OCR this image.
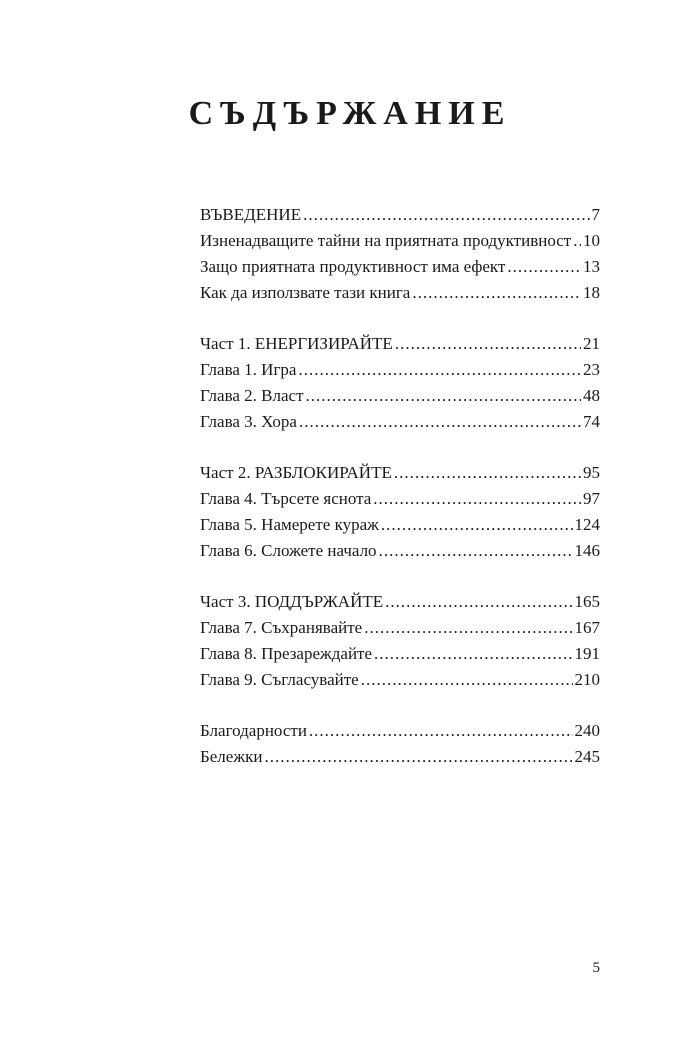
СЪДЪРЖАНИЕ
ВЪВЕДЕНИЕ .....	7
Изненадващите тайни на приятната продуктивност ..... 10
Защо приятната продуктивност има ефект .....	13
Как да използвате тази книга .....	18
Част 1. ЕНЕРГИЗИРАЙТЕ .....	21
Глава 1. Игра .....	23
Глава 2. Власт .....	48
Глава 3. Хора .....	74
Част 2. РАЗБЛОКИРАЙТЕ .....	95
Глава 4. Търсете яснота .....	97
Глава 5. Намерете кураж .....	124
Глава 6. Сложете начало .....	146
Част 3. ПОДДЪРЖАЙТЕ .....	165
Глава 7. Съхранявайте .....	167
Глава 8. Презареждайте .....	191
Глава 9. Съгласувайте .....	210
Благодарности .....	240
Бележки .....	245
5
